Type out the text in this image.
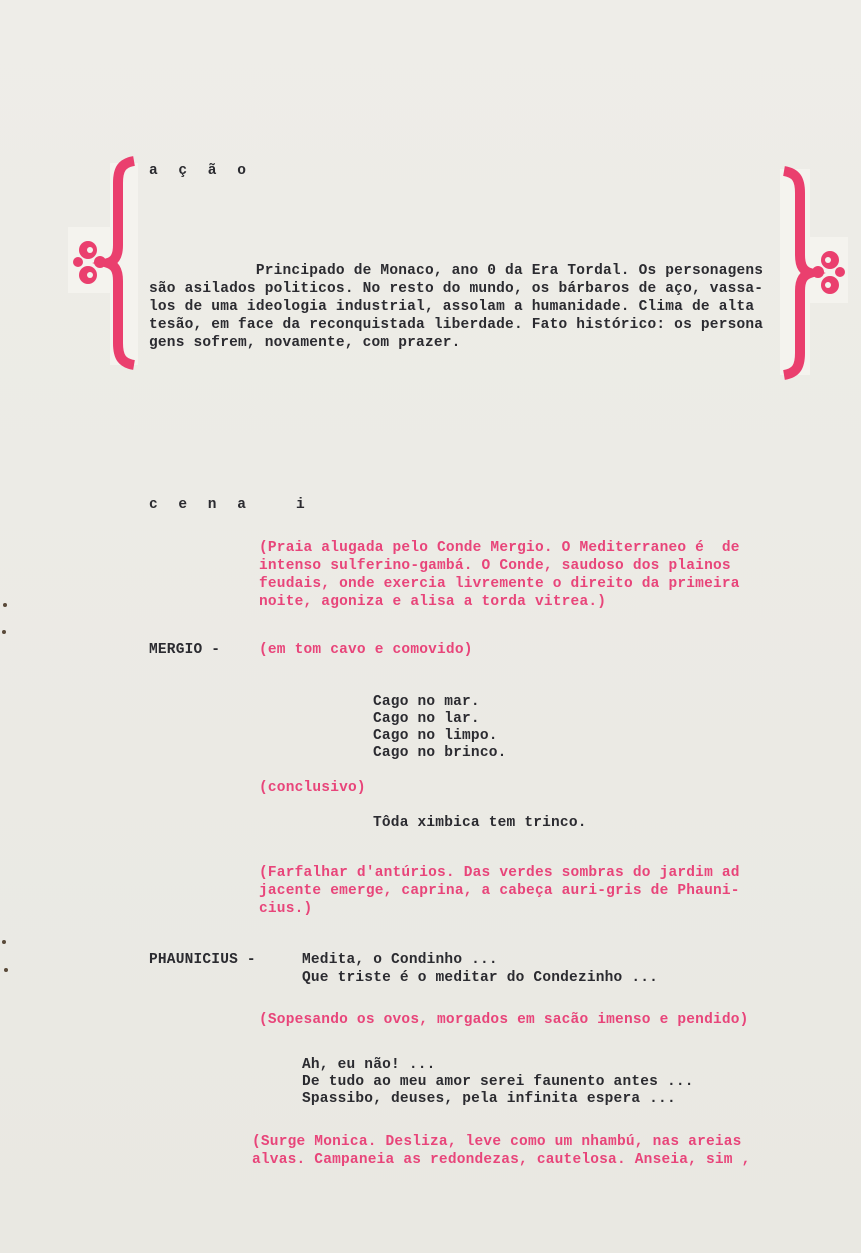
a ç ã o
Principado de Monaco, ano 0 da Era Tordal. Os personagens
são asilados politicos. No resto do mundo, os bárbaros de aço, vassa-
los de uma ideologia industrial, assolam a humanidade. Clima de alta
tesão, em face da reconquistada liberdade. Fato histórico: os persona
gens sofrem, novamente, com prazer.
c e n a   i
(Praia alugada pelo Conde Mergio. O Mediterraneo é  de
intenso sulferino-gambá. O Conde, saudoso dos plainos
feudais, onde exercia livremente o direito da primeira
noite, agoniza e alisa a torda vitrea.)
MERGIO -	(em tom cavo e comovido)
Cago no mar.
Cago no lar.
Cago no limpo.
Cago no brinco.
(conclusivo)
Tôda ximbica tem trinco.
(Farfalhar d'antúrios. Das verdes sombras do jardim ad
jacente emerge, caprina, a cabeça auri-gris de Phauni-
cius.)
PHAUNICIUS -	Medita, o Condinho ...
Que triste é o meditar do Condezinho ...
(Sopesando os ovos, morgados em sacão imenso e pendido)
Ah, eu não! ...
De tudo ao meu amor serei faunento antes ...
Spassibo, deuses, pela infinita espera ...
(Surge Monica. Desliza, leve como um nhambú, nas areias
alvas. Campaneia as redondezas, cautelosa. Anseia, sim ,
